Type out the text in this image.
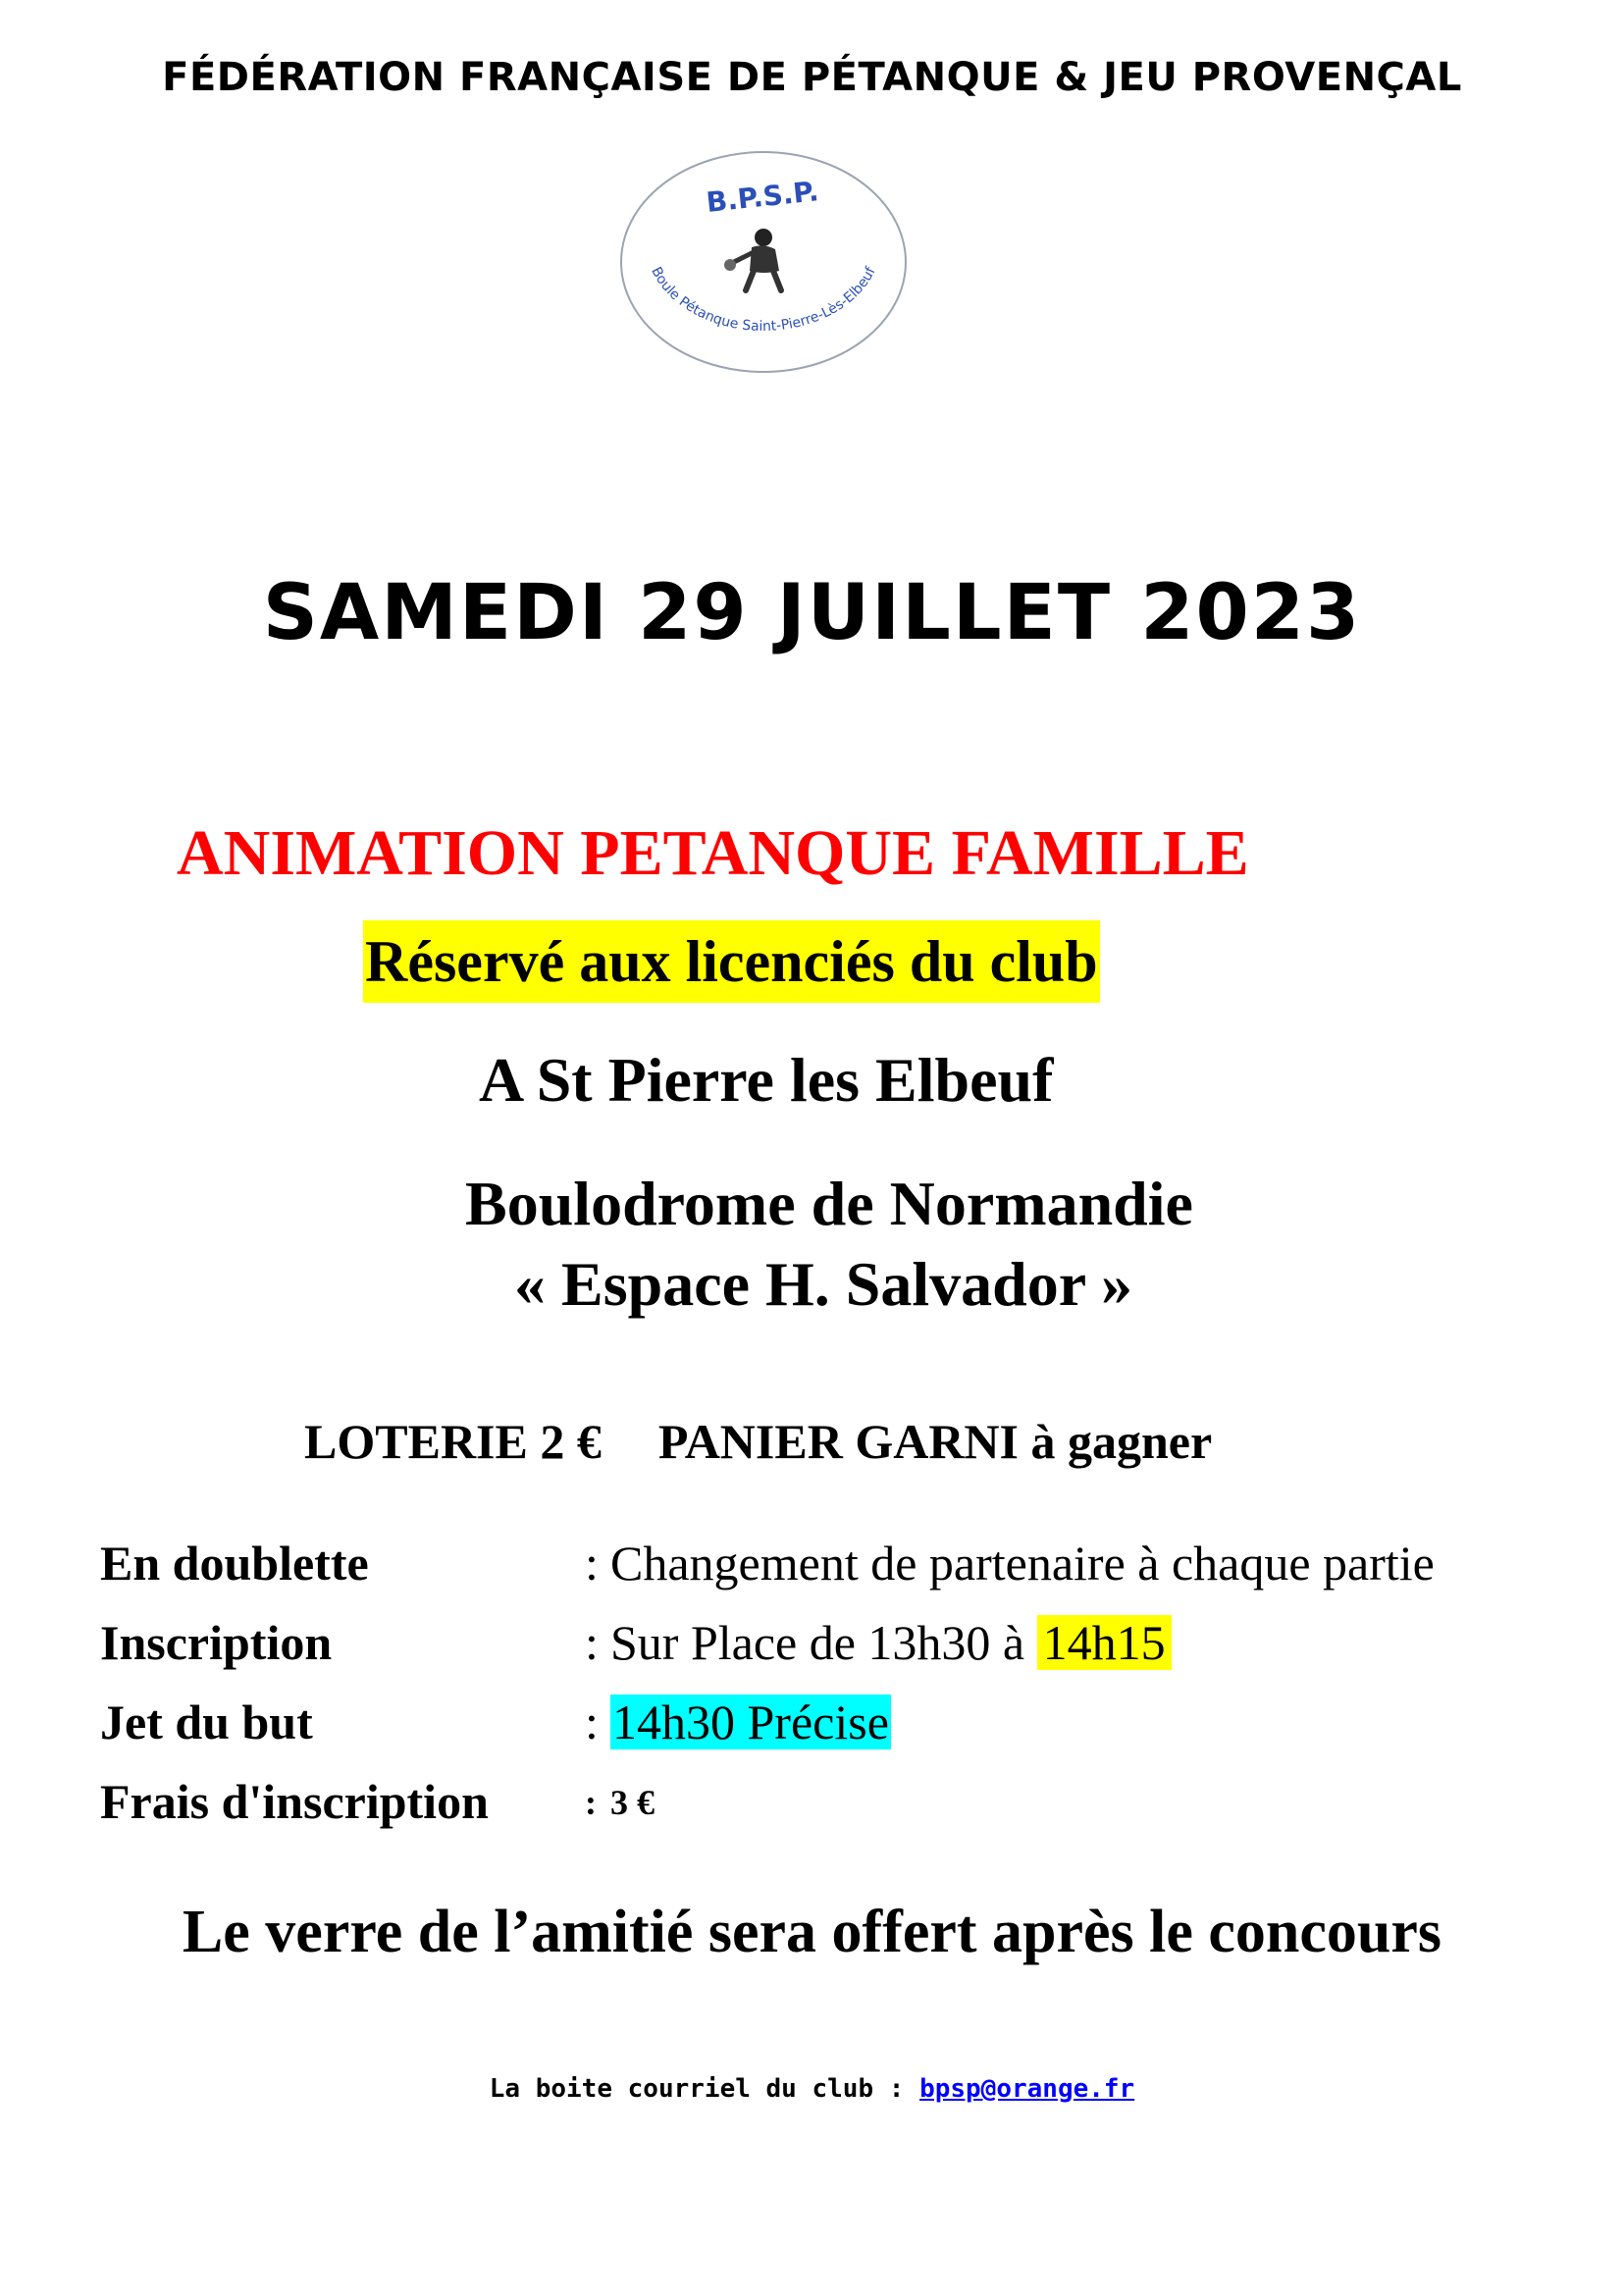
FÉDÉRATION FRANÇAISE DE PÉTANQUE & JEU PROVENÇAL
B.P.S.P.
Boule Pétanque Saint-Pierre-Lès-Elbeuf
SAMEDI 29 JUILLET 2023
ANIMATION PETANQUE FAMILLE
Réservé aux licenciés du club
A St Pierre les Elbeuf
Boulodrome de Normandie
« Espace H. Salvador »
LOTERIE 2 € PANIER GARNI à gagner
En doublette	: Changement de partenaire à chaque partie
Inscription	: Sur Place de 13h30 à 14h15
Jet du but	: 14h30 Précise
Frais d'inscription	: 3 €
Le verre de l’amitié sera offert après le concours
La boite courriel du club : bpsp@orange.fr
